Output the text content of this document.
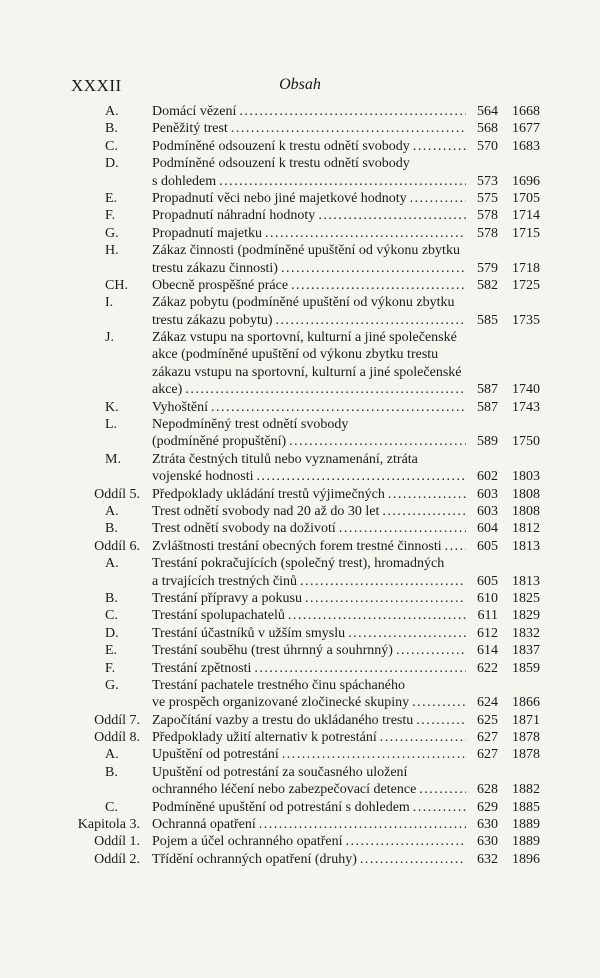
XXXII	Obsah
A. Domácí vězení . . .	564	1668
B. Peněžitý trest . . .	568	1677
C. Podmíněné odsouzení k trestu odnětí svobody . . .	570	1683
D. Podmíněné odsouzení k trestu odnětí svobody
s dohledem . . .	573	1696
E. Propadnutí věci nebo jiné majetkové hodnoty . . .	575	1705
F.	Propadnutí náhradní hodnoty . . .	578	1714
G. Propadnutí majetku . . .	578	1715
H. Zákaz činnosti (podmíněné upuštění od výkonu zbytku
trestu zákazu činnosti) . . .	579	1718
CH. Obecně prospěšné práce . . .	582	1725
I.	Zákaz pobytu (podmíněné upuštění od výkonu zbytku
trestu zákazu pobytu) . . .	585	1735
J.	Zákaz vstupu na sportovní, kulturní a jiné společenské
akce (podmíněné upuštění od výkonu zbytku trestu
zákazu vstupu na sportovní, kulturní a jiné společenské
akce) . . .	587	1740
K. Vyhoštění . . .	587	1743
L. Nepodmíněný trest odnětí svobody
(podmíněné propuštění) . . .	589	1750
M. Ztráta čestných titulů nebo vyznamenání, ztráta
vojenské hodnosti . . .	602	1803
Oddíl 5. Předpoklady ukládání trestů výjimečných . . .	603	1808
A. Trest odnětí svobody nad 20 až do 30 let . . .	603	1808
B. Trest odnětí svobody na doživotí . . .	604	1812
Oddíl 6. Zvláštnosti trestání obecných forem trestné činnosti . . .	605	1813
A. Trestání pokračujících (společný trest), hromadných
a trvajících trestných činů . . .	605	1813
B. Trestání přípravy a pokusu . . .	610	1825
C. Trestání spolupachatelů . . .	611	1829
D. Trestání účastníků v užším smyslu . . .	612	1832
E. Trestání souběhu (trest úhrnný a souhrnný) . . .	614	1837
F.	Trestání zpětnosti . . .	622	1859
G. Trestání pachatele trestného činu spáchaného
ve prospěch organizované zločinecké skupiny . . .	624	1866
Oddíl 7. Započítání vazby a trestu do ukládaného trestu . . .	625	1871
Oddíl 8. Předpoklady užití alternativ k potrestání . . .	627	1878
A. Upuštění od potrestání . . .	627	1878
B. Upuštění od potrestání za současného uložení
ochranného léčení nebo zabezpečovací detence . . .	628	1882
C. Podmíněné upuštění od potrestání s dohledem . . .	629	1885
Kapitola 3. Ochranná opatření . . .	630	1889
Oddíl 1. Pojem a účel ochranného opatření . . .	630	1889
Oddíl 2. Třídění ochranných opatření (druhy) . . .	632	1896
